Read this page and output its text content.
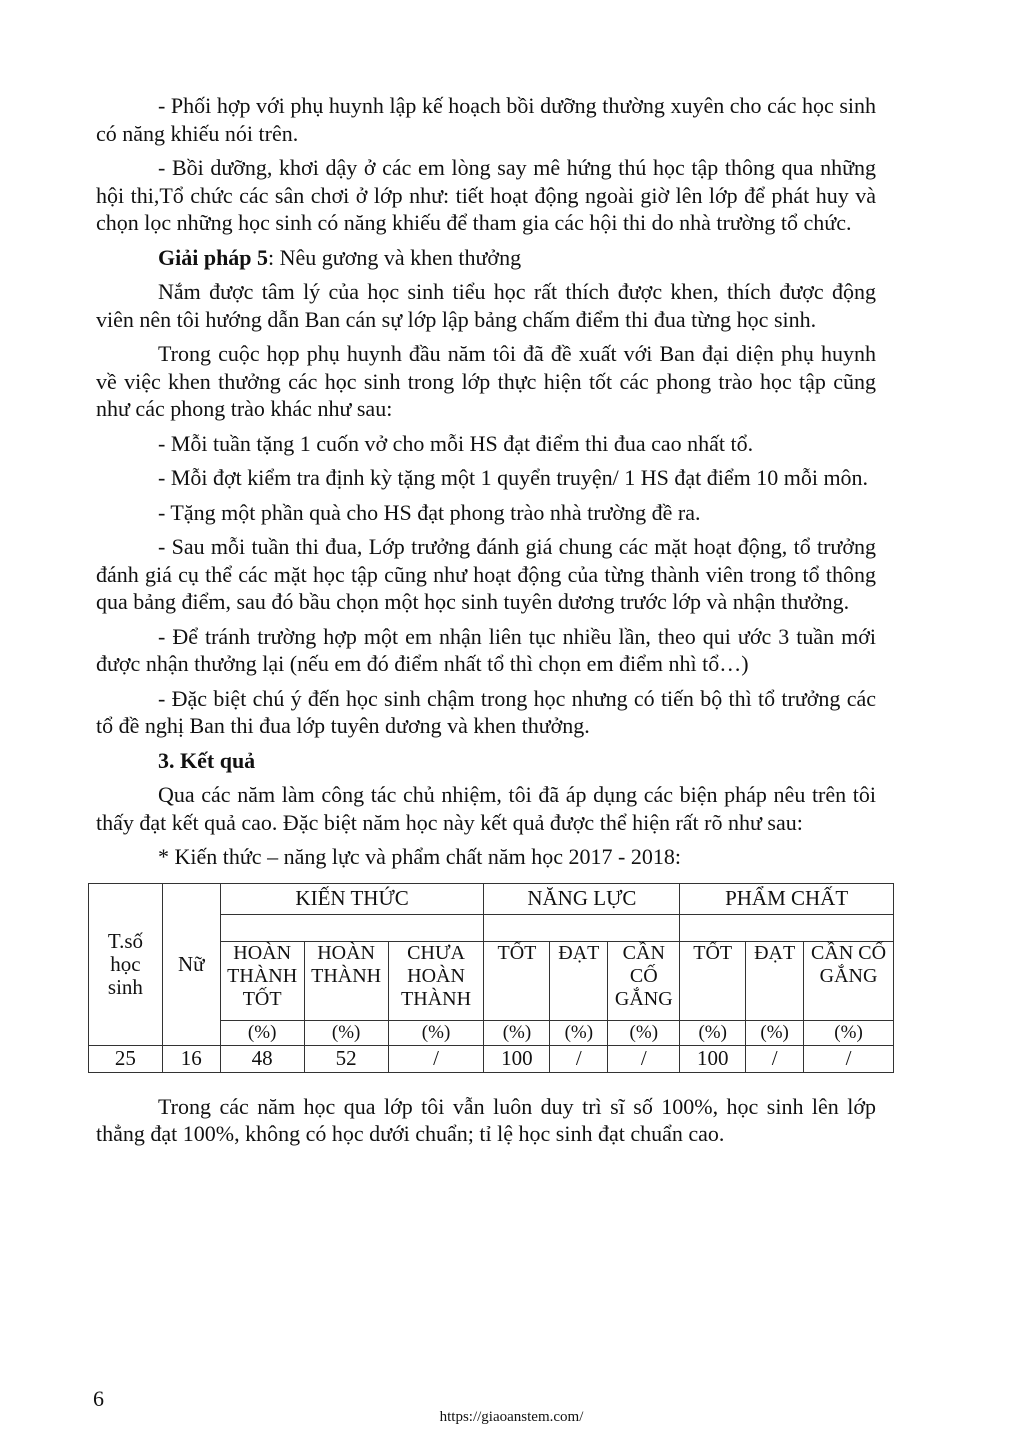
- Phối hợp với phụ huynh lập kế hoạch bồi dưỡng thường xuyên cho các học sinh có năng khiếu nói trên.

- Bồi dưỡng, khơi dậy ở các em lòng say mê hứng thú học tập thông qua những hội thi,Tổ chức các sân chơi ở lớp như: tiết hoạt động ngoài giờ lên lớp để phát huy và chọn lọc những học sinh có năng khiếu để tham gia các hội thi do nhà trường tổ chức.

Giải pháp 5: Nêu gương và khen thưởng

Nắm được tâm lý của học sinh tiểu học rất thích được khen, thích được động viên nên tôi hướng dẫn Ban cán sự lớp lập bảng chấm điểm thi đua từng học sinh.

Trong cuộc họp phụ huynh đầu năm tôi đã đề xuất với Ban đại diện phụ huynh về việc khen thưởng các học sinh trong lớp thực hiện tốt các phong trào học tập cũng như các phong trào khác như sau:

- Mỗi tuần tặng 1 cuốn vở cho mỗi HS đạt điểm thi đua cao nhất tổ.

- Mỗi đợt kiểm tra định kỳ tặng một 1 quyển truyện/ 1 HS đạt điểm 10 mỗi môn.

- Tặng một phần quà cho HS đạt phong trào nhà trường đề ra.

- Sau mỗi tuần thi đua, Lớp trưởng đánh giá chung các mặt hoạt động, tổ trưởng đánh giá cụ thể các mặt học tập cũng như hoạt động của từng thành viên trong tổ thông qua bảng điểm, sau đó bầu chọn một học sinh tuyên dương trước lớp và nhận thưởng.

- Để tránh trường hợp một em nhận liên tục nhiều lần, theo qui ước 3 tuần mới được nhận thưởng lại (nếu em đó điểm nhất tổ thì chọn em điểm nhì tổ…)

- Đặc biệt chú ý đến học sinh chậm trong học nhưng có tiến bộ thì tổ trưởng các tổ đề nghị Ban thi đua lớp tuyên dương và khen thưởng.

3. Kết quả

Qua các năm làm công tác chủ nhiệm, tôi đã áp dụng các biện pháp nêu trên tôi thấy đạt kết quả cao. Đặc biệt năm học này kết quả được thể hiện rất rõ như sau:

* Kiến thức – năng lực và phẩm chất năm học 2017 - 2018:

T.số học sinh	Nữ	KIẾN THỨC			NĂNG LỰC			PHẨM CHẤT		

		HOÀN THÀNH TỐT	HOÀN THÀNH	CHƯA HOÀN THÀNH	TỐT	ĐẠT	CẦN CỐ GẮNG	TỐT	ĐẠT	CẦN CỐ GẮNG
		(%)	(%)	(%)	(%)	(%)	(%)	(%)	(%)	(%)
25	16	48	52	/	100	/	/	100	/	/

Trong các năm học qua lớp tôi vẫn luôn duy trì sĩ số 100%, học sinh lên lớp thẳng đạt 100%, không có học dưới chuẩn; tỉ lệ học sinh đạt chuẩn cao.

6
https://giaoanstem.com/
